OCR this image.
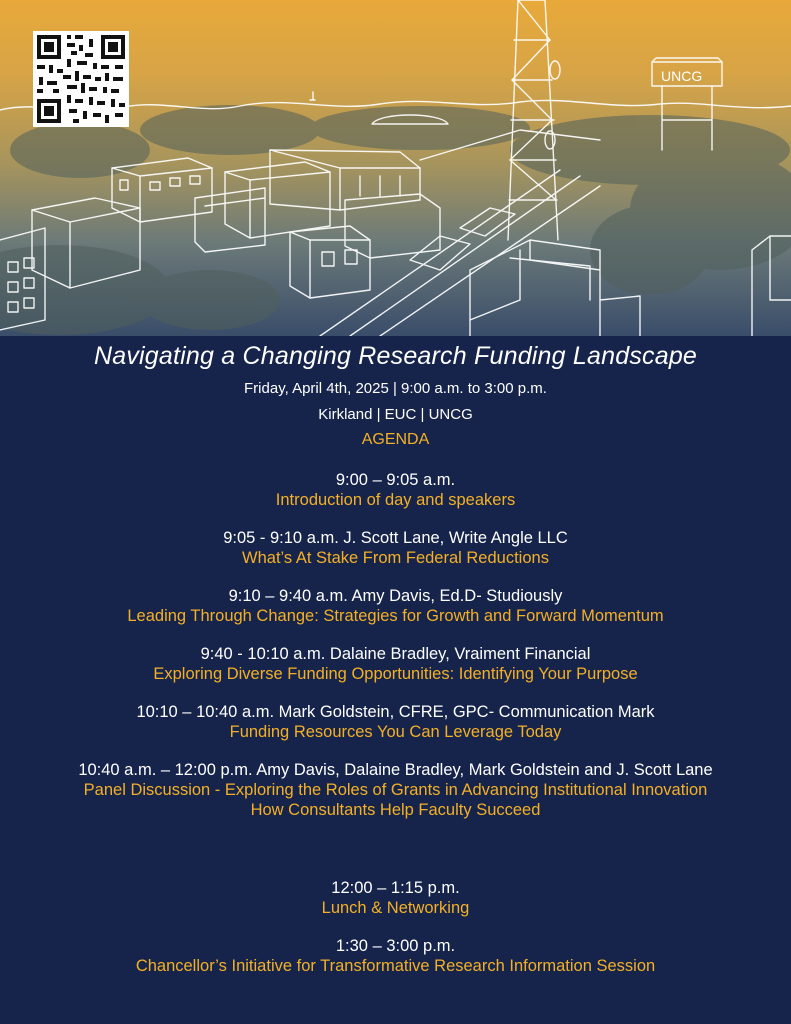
UNCG
Navigating a Changing Research Funding Landscape
Friday, April 4th, 2025 | 9:00 a.m. to 3:00 p.m.
Kirkland | EUC | UNCG
AGENDA
9:00 – 9:05 a.m.
Introduction of day and speakers
9:05 - 9:10 a.m. J. Scott Lane, Write Angle LLC
What’s At Stake From Federal Reductions
9:10 – 9:40 a.m. Amy Davis, Ed.D- Studiously
Leading Through Change: Strategies for Growth and Forward Momentum
9:40 - 10:10 a.m. Dalaine Bradley, Vraiment Financial
Exploring Diverse Funding Opportunities: Identifying Your Purpose
10:10 – 10:40 a.m. Mark Goldstein, CFRE, GPC- Communication Mark
Funding Resources You Can Leverage Today
10:40 a.m. – 12:00 p.m. Amy Davis, Dalaine Bradley, Mark Goldstein and J. Scott Lane
Panel Discussion - Exploring the Roles of Grants in Advancing Institutional Innovation
How Consultants Help Faculty Succeed
12:00 – 1:15 p.m.
Lunch & Networking
1:30 – 3:00 p.m.
Chancellor’s Initiative for Transformative Research Information Session
